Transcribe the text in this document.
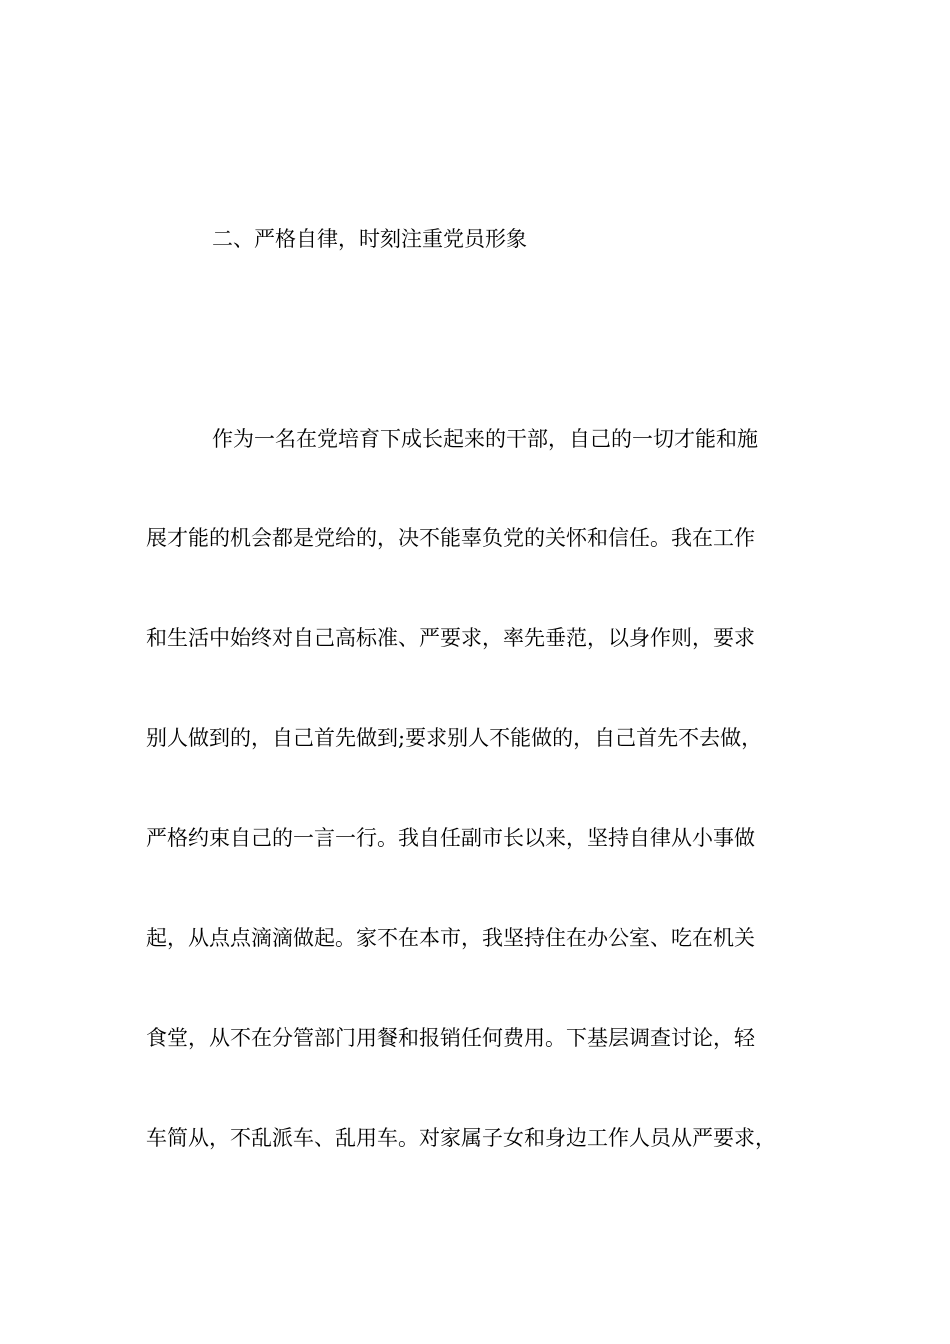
二、严格自律，时刻注重党员形象
作为一名在党培育下成长起来的干部，自己的一切才能和施
展才能的机会都是党给的，决不能辜负党的关怀和信任。我在工作
和生活中始终对自己高标准、严要求，率先垂范，以身作则，要求
别人做到的，自己首先做到;要求别人不能做的，自己首先不去做，
严格约束自己的一言一行。我自任副市长以来，坚持自律从小事做
起，从点点滴滴做起。家不在本市，我坚持住在办公室、吃在机关
食堂，从不在分管部门用餐和报销任何费用。下基层调查讨论，轻
车简从，不乱派车、乱用车。对家属子女和身边工作人员从严要求，
